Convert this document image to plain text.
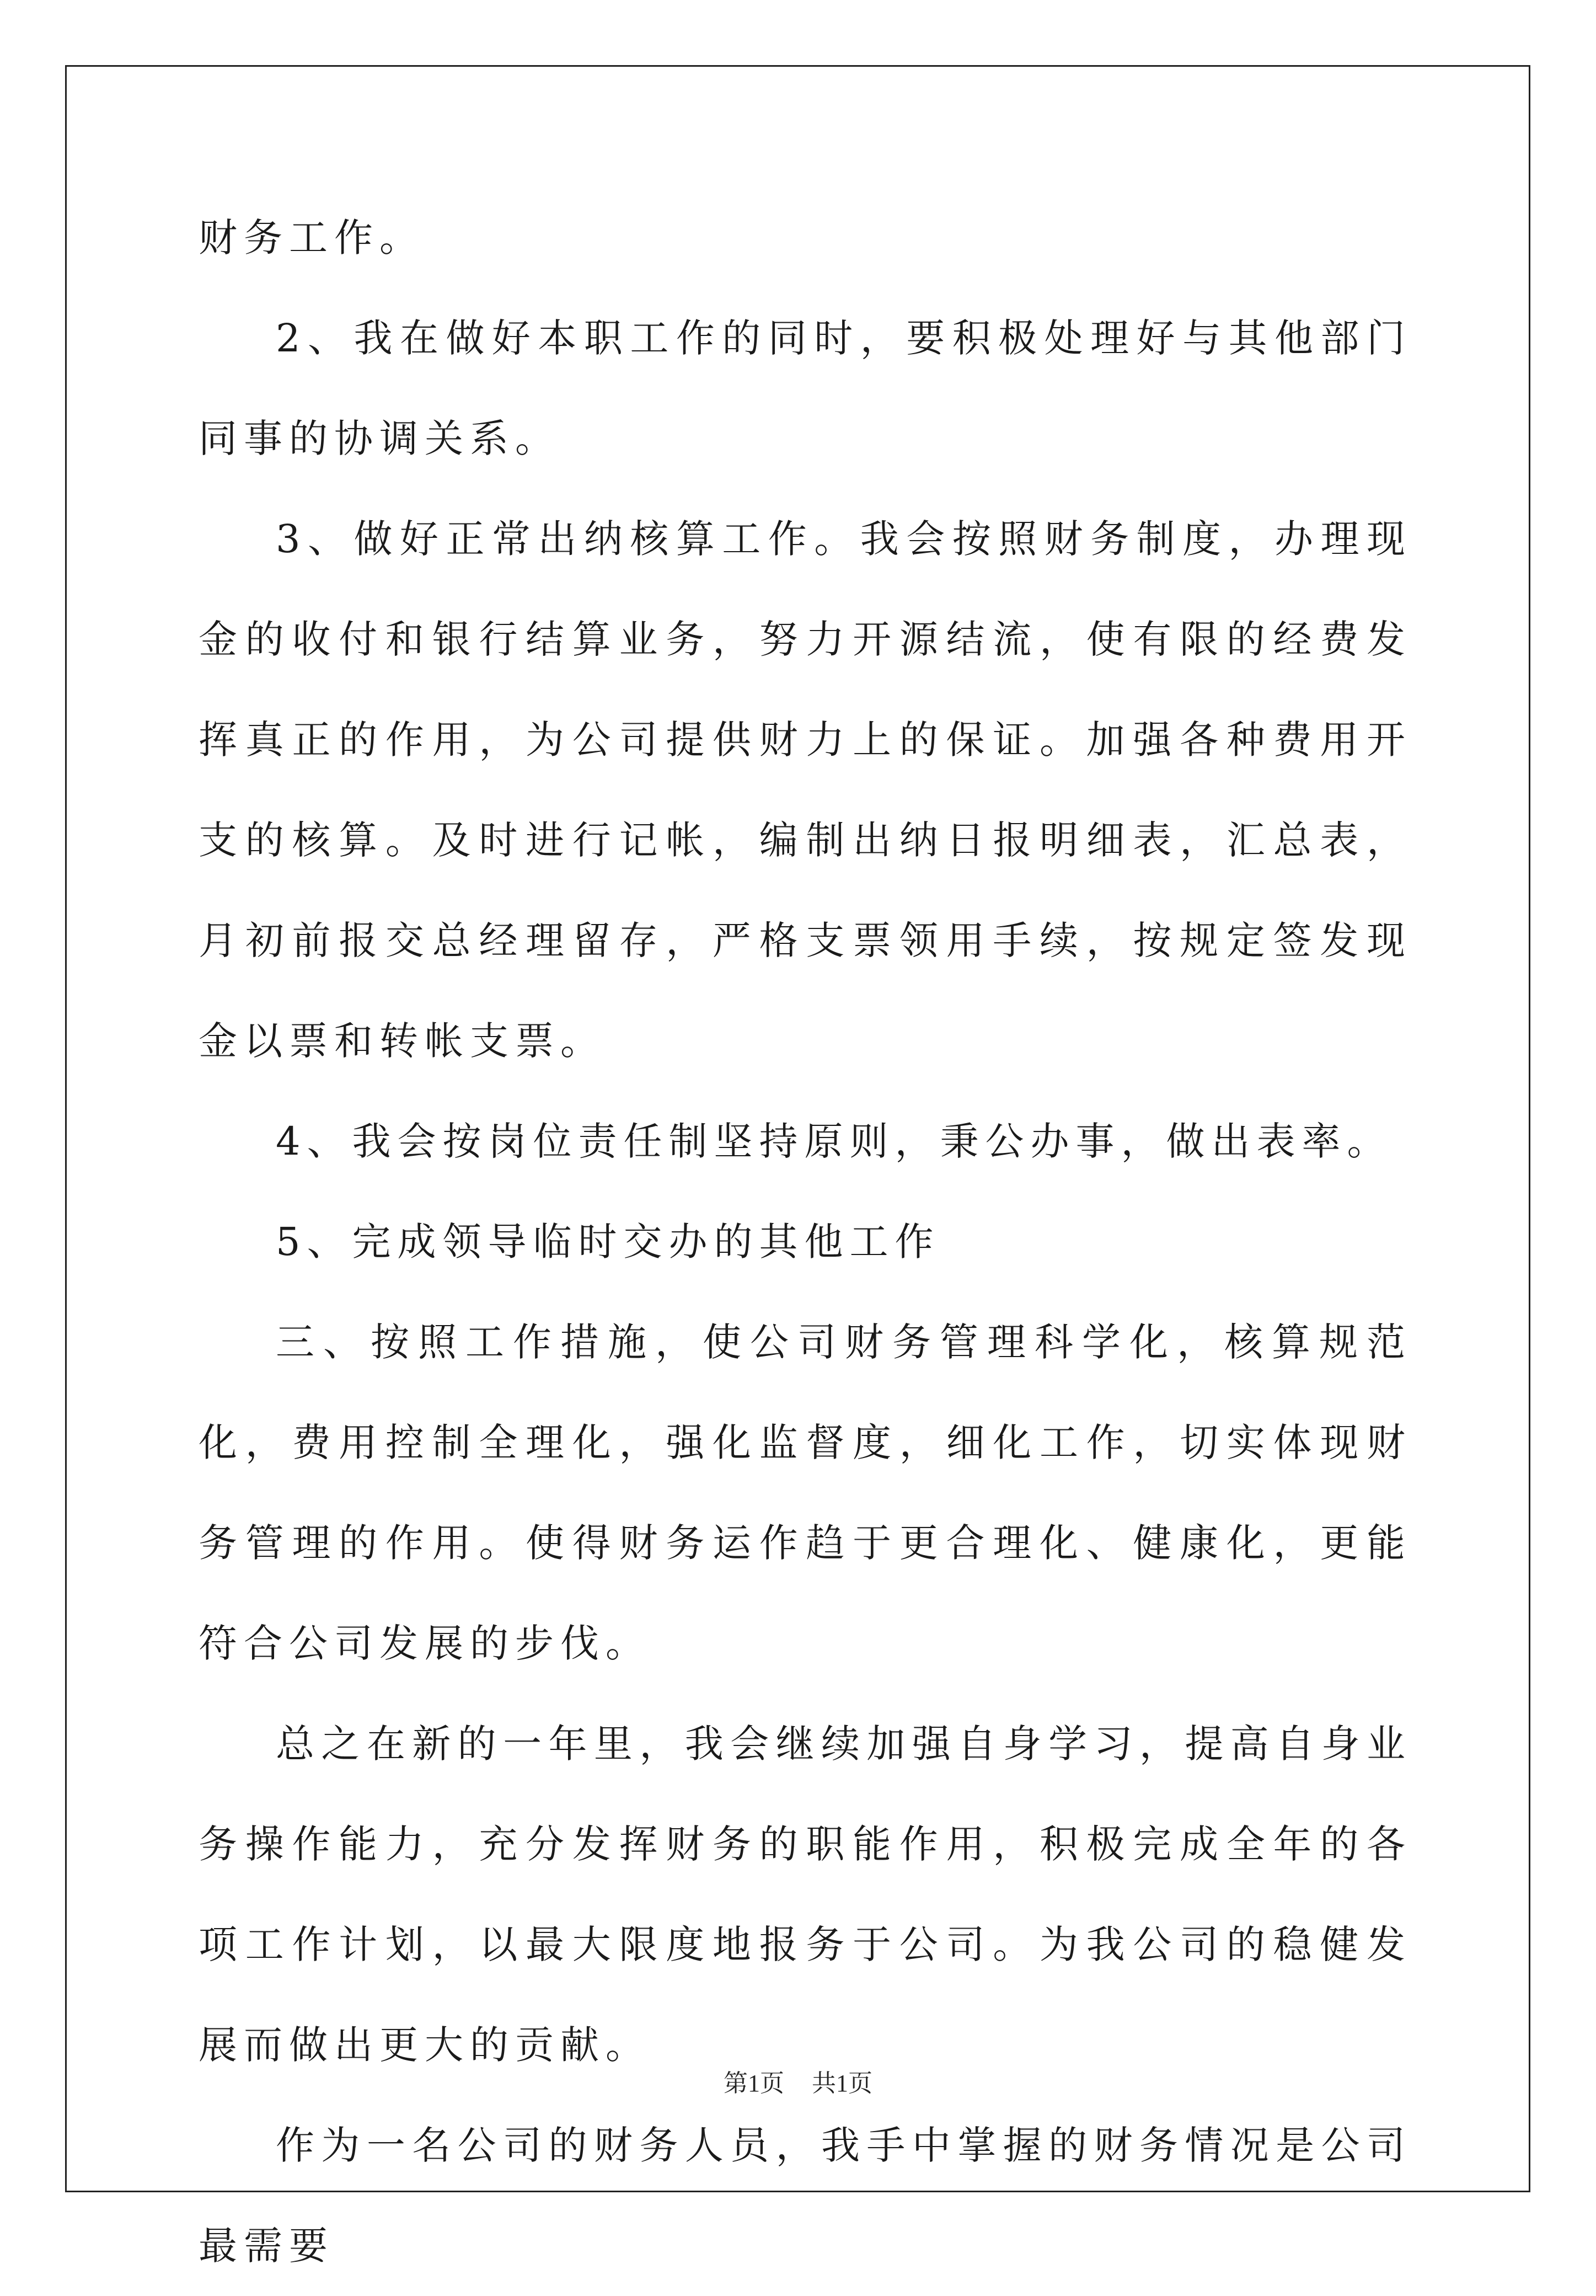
财务工作。

2、我在做好本职工作的同时，要积极处理好与其他部门同事的协调关系。

3、做好正常出纳核算工作。我会按照财务制度，办理现金的收付和银行结算业务，努力开源结流，使有限的经费发挥真正的作用，为公司提供财力上的保证。加强各种费用开支的核算。及时进行记帐，编制出纳日报明细表，汇总表，月初前报交总经理留存，严格支票领用手续，按规定签发现金以票和转帐支票。

4、我会按岗位责任制坚持原则，秉公办事，做出表率。

5、完成领导临时交办的其他工作

三、按照工作措施，使公司财务管理科学化，核算规范化，费用控制全理化，强化监督度，细化工作，切实体现财务管理的作用。使得财务运作趋于更合理化、健康化，更能符合公司发展的步伐。

总之在新的一年里，我会继续加强自身学习，提高自身业务操作能力，充分发挥财务的职能作用，积极完成全年的各项工作计划，以最大限度地报务于公司。为我公司的稳健发展而做出更大的贡献。

作为一名公司的财务人员，我手中掌握的财务情况是公司最需要

第1页 共1页
